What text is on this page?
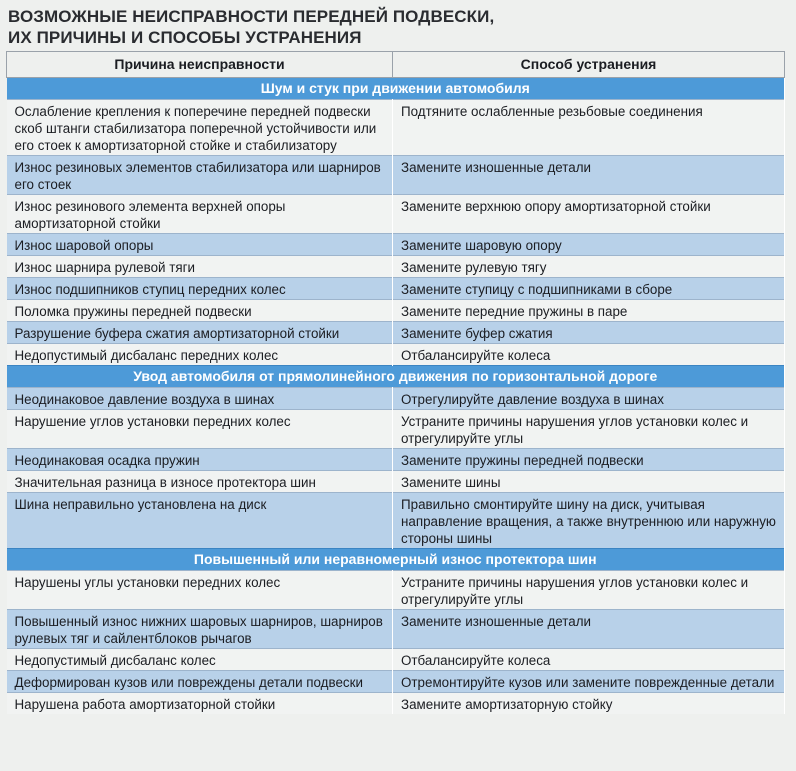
ВОЗМОЖНЫЕ НЕИСПРАВНОСТИ ПЕРЕДНЕЙ ПОДВЕСКИ,
ИХ ПРИЧИНЫ И СПОСОБЫ УСТРАНЕНИЯ
Причина неисправности	Способ устранения
Шум и стук при движении автомобиля	
Ослабление крепления к поперечине передней подвески скоб штанги стабилизатора поперечной устойчивости или его стоек к амортизаторной стойке и стабилизатору	Подтяните ослабленные резьбовые соединения
Износ резиновых элементов стабилизатора или шарниров его стоек	Замените изношенные детали
Износ резинового элемента верхней опоры амортизаторной стойки	Замените верхнюю опору амортизаторной стойки
Износ шаровой опоры	Замените шаровую опору
Износ шарнира рулевой тяги	Замените рулевую тягу
Износ подшипников ступиц передних колес	Замените ступицу с подшипниками в сборе
Поломка пружины передней подвески	Замените передние пружины в паре
Разрушение буфера сжатия амортизаторной стойки	Замените буфер сжатия
Недопустимый дисбаланс передних колес	Отбалансируйте колеса
Увод автомобиля от прямолинейного движения по горизонтальной дороге	
Неодинаковое давление воздуха в шинах	Отрегулируйте давление воздуха в шинах
Нарушение углов установки передних колес	Устраните причины нарушения углов установки колес и отрегулируйте углы
Неодинаковая осадка пружин	Замените пружины передней подвески
Значительная разница в износе протектора шин	Замените шины
Шина неправильно установлена на диск	Правильно смонтируйте шину на диск, учитывая направление вращения, а также внутреннюю или наружную стороны шины
Повышенный или неравномерный износ протектора шин	
Нарушены углы установки передних колес	Устраните причины нарушения углов установки колес и отрегулируйте углы
Повышенный износ нижних шаровых шарниров, шарниров рулевых тяг и сайлентблоков рычагов	Замените изношенные детали
Недопустимый дисбаланс колес	Отбалансируйте колеса
Деформирован кузов или повреждены детали подвески	Отремонтируйте кузов или замените поврежденные детали
Нарушена работа амортизаторной стойки	Замените амортизаторную стойку
